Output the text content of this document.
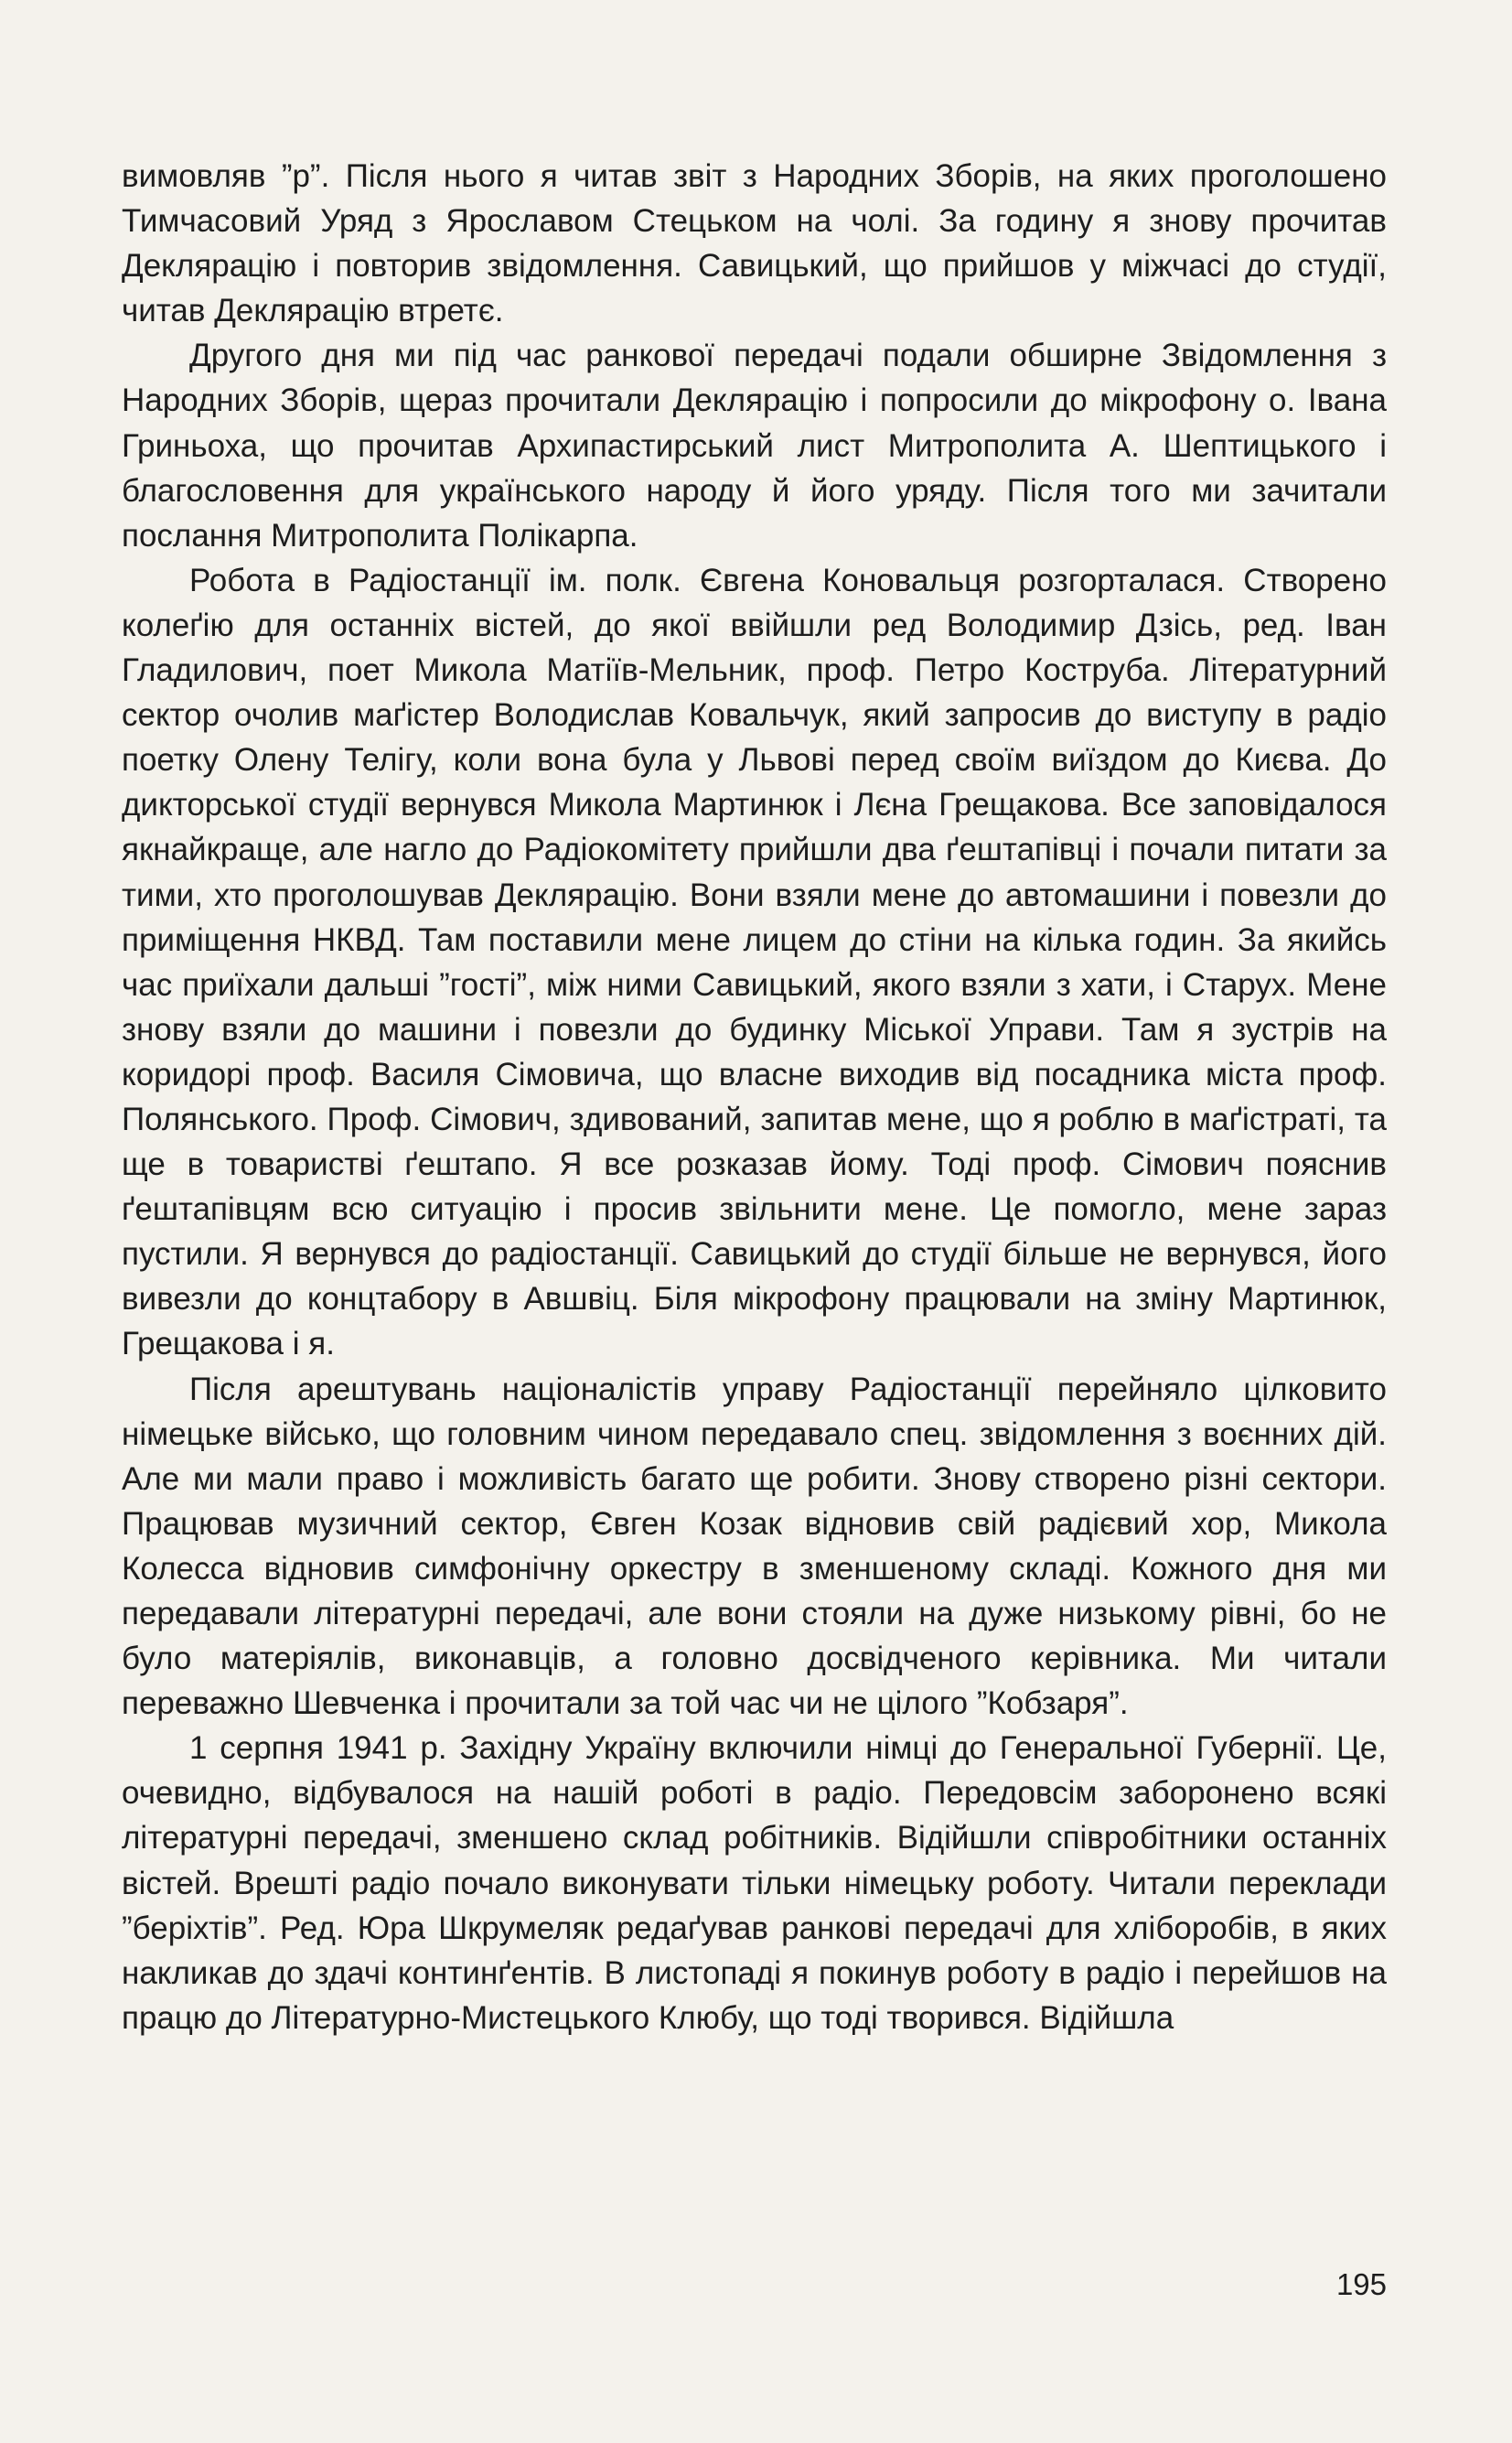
вимовляв ”р”. Після нього я читав звіт з Народних Зборів, на яких проголошено Тимчасовий Уряд з Ярославом Стецьком на чолі. За годину я знову прочитав Деклярацію і повторив звідомлення. Савицький, що прийшов у міжчасі до студії, читав Деклярацію втретє.

Другого дня ми під час ранкової передачі подали обширне Звідомлення з Народних Зборів, щераз прочитали Деклярацію і попросили до мікрофону о. Івана Гриньоха, що прочитав Архипастирський лист Митрополита А. Шептицького і благословення для українського народу й його уряду. Після того ми зачитали послання Митрополита Полікарпа.

Робота в Радіостанції ім. полк. Євгена Коновальця розгорталася. Створено колеґію для останніх вістей, до якої ввійшли ред Володимир Дзісь, ред. Іван Гладилович, поет Микола Матіїв-Мельник, проф. Петро Коструба. Літературний сектор очолив маґістер Володислав Ковальчук, який запросив до виступу в радіо поетку Олену Телігу, коли вона була у Львові перед своїм виїздом до Києва. До дикторської студії вернувся Микола Мартинюк і Лєна Грещакова. Все заповідалося якнайкраще, але нагло до Радіокомітету прийшли два ґештапівці і почали питати за тими, хто проголошував Деклярацію. Вони взяли мене до автомашини і повезли до приміщення НКВД. Там поставили мене лицем до стіни на кілька годин. За якийсь час приїхали дальші ”гості”, між ними Савицький, якого взяли з хати, і Старух. Мене знову взяли до машини і повезли до будинку Міської Управи. Там я зустрів на коридорі проф. Василя Сімовича, що власне виходив від посадника міста проф. Полянського. Проф. Сімович, здивований, запитав мене, що я роблю в маґістраті, та ще в товаристві ґештапо. Я все розказав йому. Тоді проф. Сімович пояснив ґештапівцям всю ситуацію і просив звільнити мене. Це помогло, мене зараз пустили. Я вернувся до радіостанції. Савицький до студії більше не вернувся, його вивезли до концтабору в Авшвіц. Біля мікрофону працювали на зміну Мартинюк, Грещакова і я.

Після арештувань націоналістів управу Радіостанції перейняло цілковито німецьке військо, що головним чином передавало спец. звідомлення з воєнних дій. Але ми мали право і можливість багато ще робити. Знову створено різні сектори. Працював музичний сектор, Євген Козак відновив свій радієвий хор, Микола Колесса відновив симфонічну оркестру в зменшеному складі. Кожного дня ми передавали літературні передачі, але вони стояли на дуже низькому рівні, бо не було матеріялів, виконавців, а головно досвідченого керівника. Ми читали переважно Шевченка і прочитали за той час чи не цілого ”Кобзаря”.

1 серпня 1941 р. Західну Україну включили німці до Генеральної Губернії. Це, очевидно, відбувалося на нашій роботі в радіо. Передовсім заборонено всякі літературні передачі, зменшено склад робітників. Відійшли співробітники останніх вістей. Врешті радіо почало виконувати тільки німецьку роботу. Читали переклади ”беріхтів”. Ред. Юра Шкрумеляк редаґував ранкові передачі для хліборобів, в яких накликав до здачі континґентів. В листопаді я покинув роботу в радіо і перейшов на працю до Літературно-Мистецького Клюбу, що тоді творився. Відійшла

195
